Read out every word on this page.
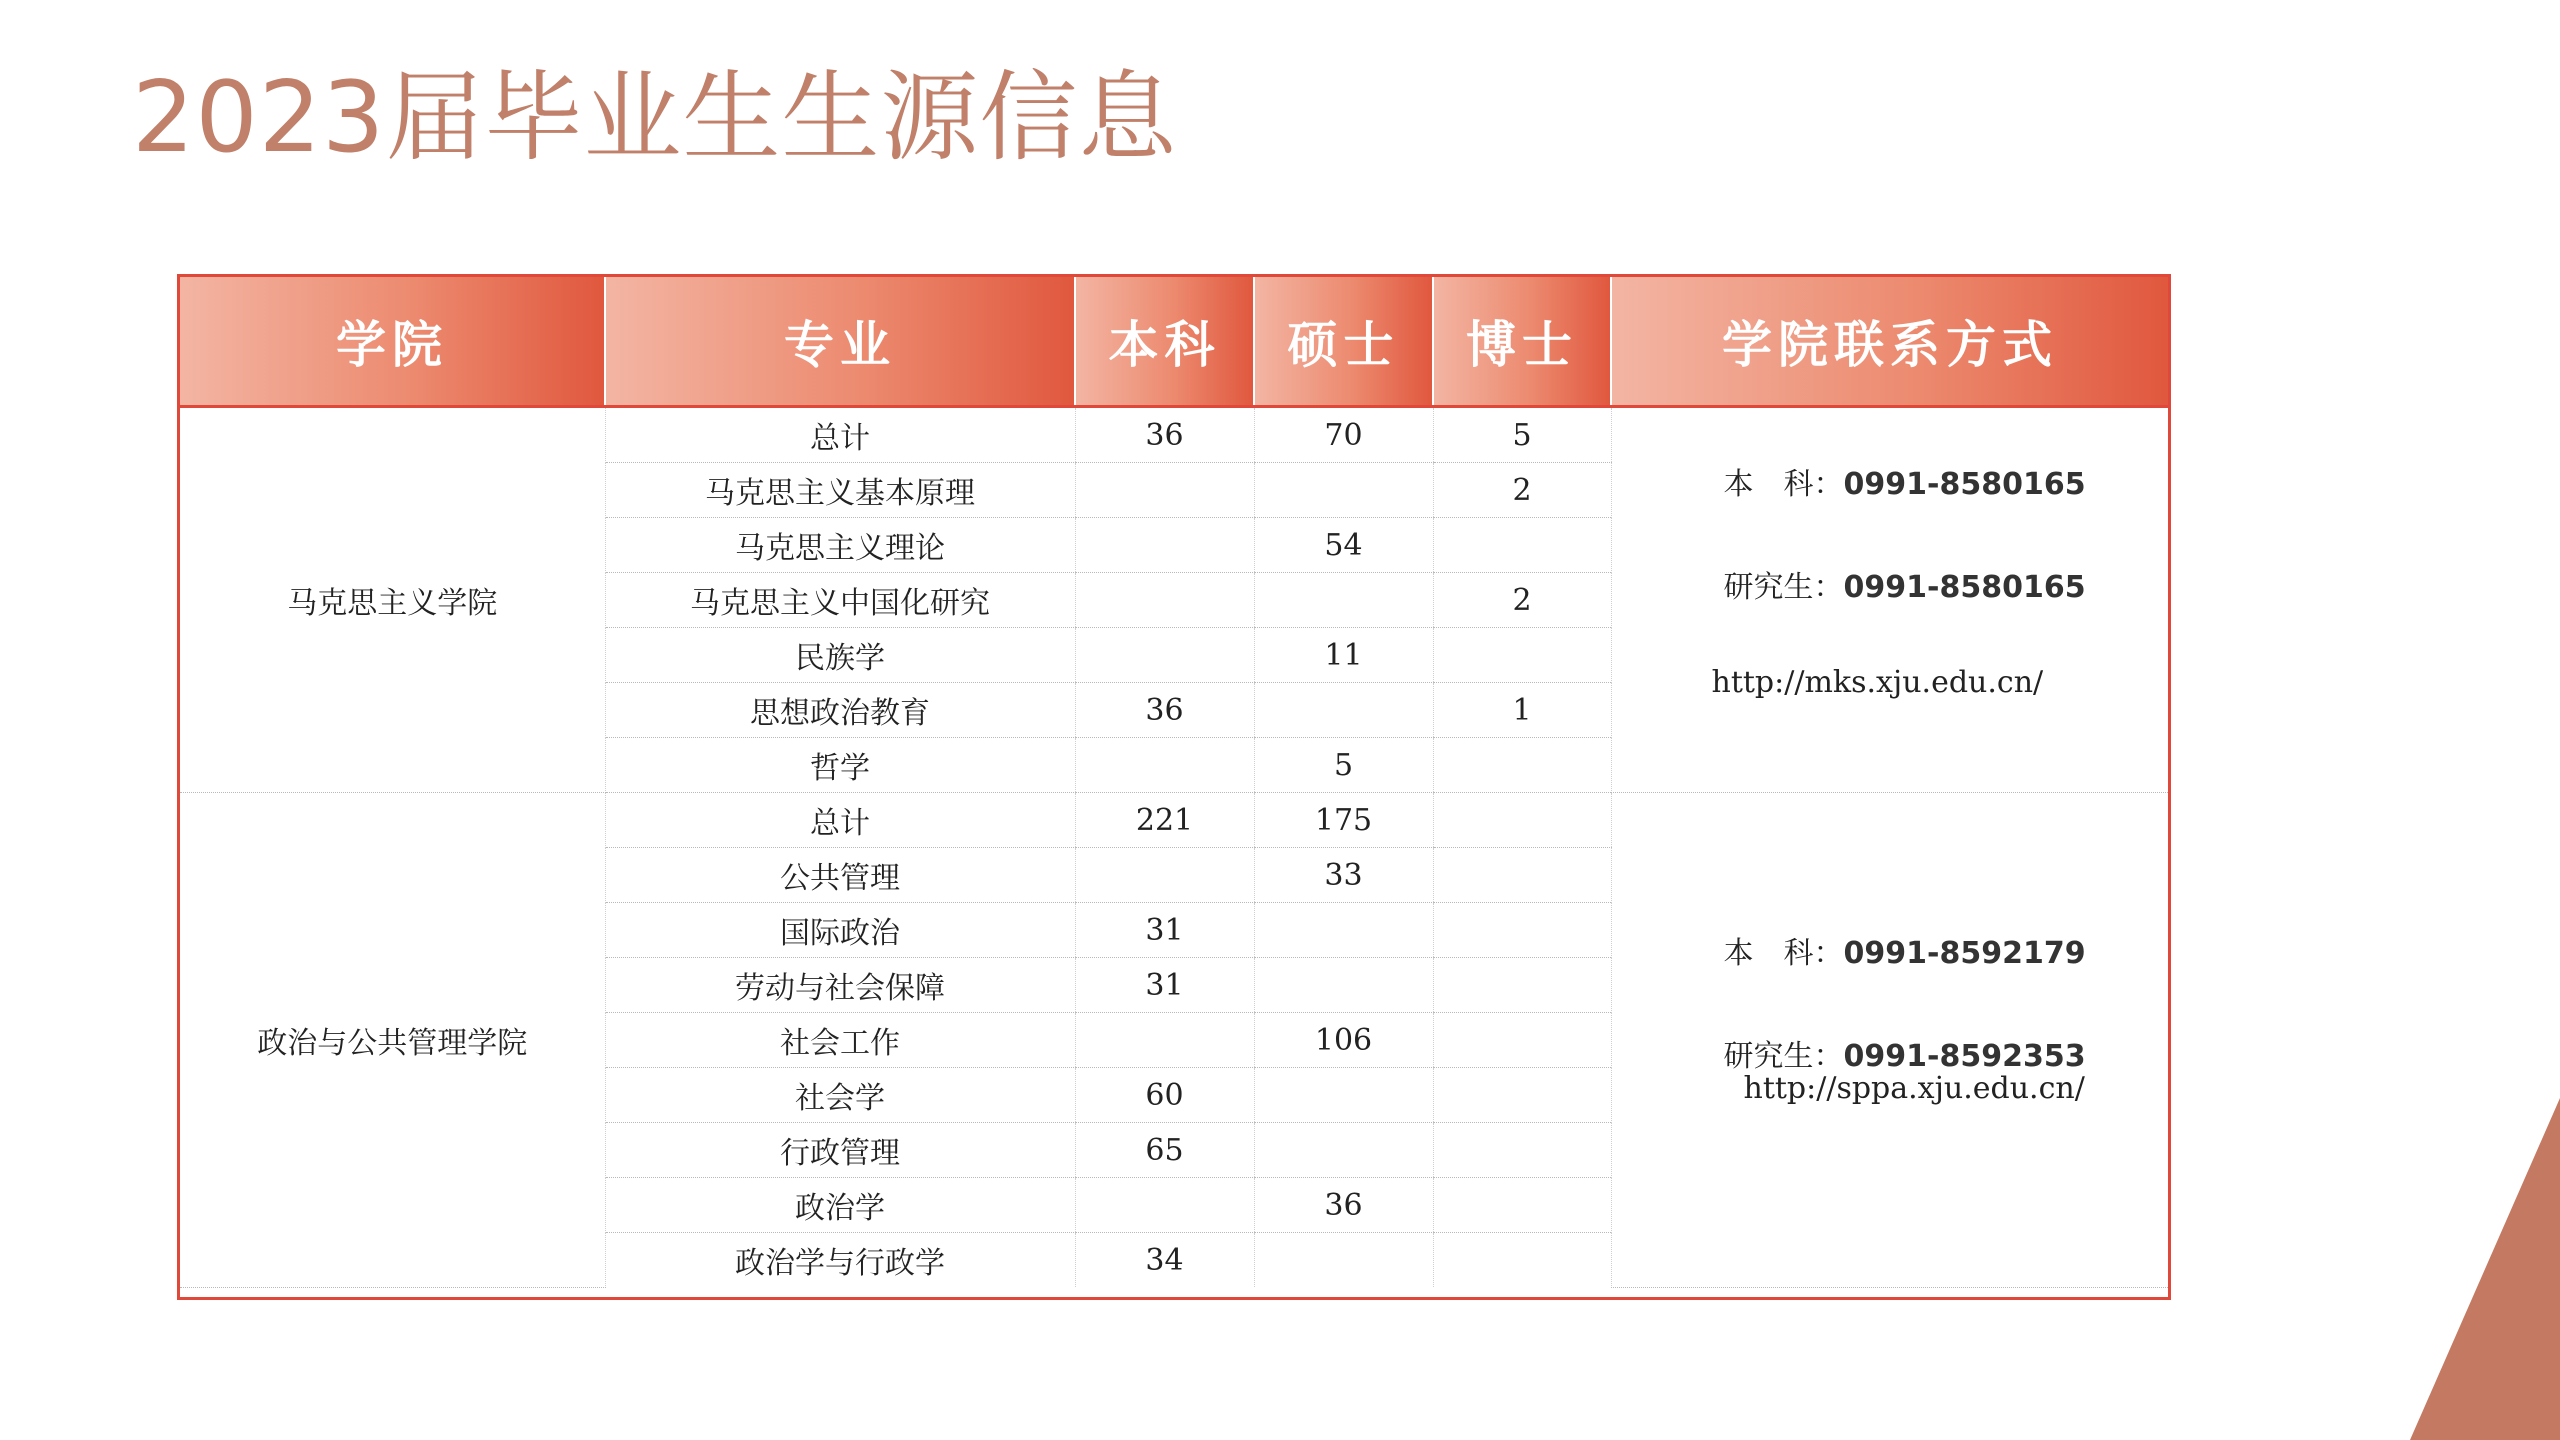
2023届毕业生生源信息
学院	专业	本科	硕士	博士	学院联系方式
马克思主义学院	总计	36	70	5	本　科：0991-8580165
研究生：0991-8580165
http://mks.xju.edu.cn/

	马克思主义基本原理			2	
	马克思主义理论		54		
	马克思主义中国化研究			2	
	民族学		11		
	思想政治教育	36		1	
	哲学		5		
政治与公共管理学院	总计	221	175		本　科：0991-8592179
研究生：0991-8592353
http://sppa.xju.edu.cn/

	公共管理		33		
	国际政治	31			
	劳动与社会保障	31			
	社会工作		106		
	社会学	60			
	行政管理	65			
	政治学		36		
	政治学与行政学	34			
